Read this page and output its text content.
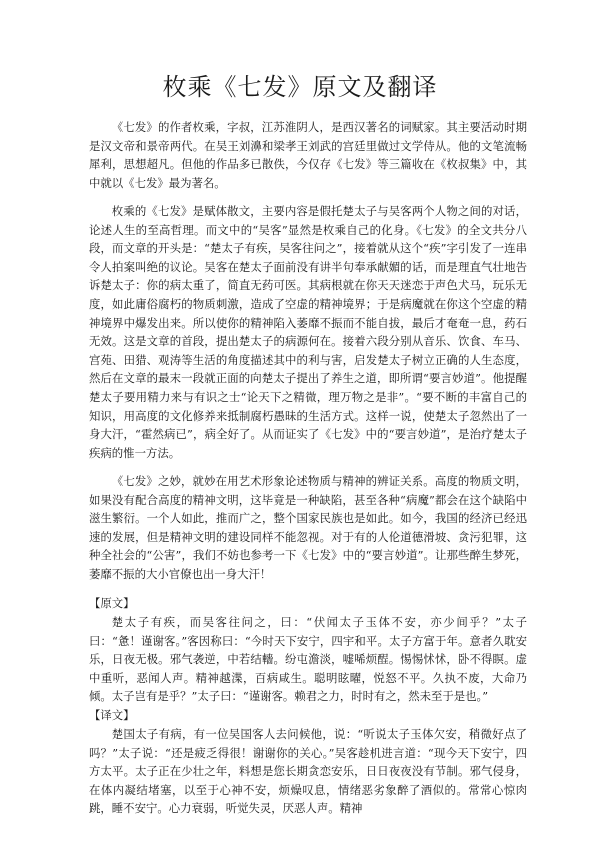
枚乘《七发》原文及翻译

《七发》的作者枚乘，字叔，江苏淮阴人，是西汉著名的词赋家。其主要活动时期是汉文帝和景帝两代。在吴王刘濞和梁孝王刘武的宫廷里做过文学侍从。他的文笔流畅犀利，思想超凡。但他的作品多已散佚，今仅存《七发》等三篇收在《枚叔集》中，其中就以《七发》最为著名。

枚乘的《七发》是赋体散文，主要内容是假托楚太子与吴客两个人物之间的对话，论述人生的至高哲理。而文中的“吴客”显然是枚乘自己的化身。《七发》的全文共分八段，而文章的开头是：“楚太子有疾，吴客往问之”，接着就从这个“疾”字引发了一连串令人拍案叫绝的议论。吴客在楚太子面前没有讲半句奉承献媚的话，而是理直气壮地告诉楚太子：你的病太重了，简直无药可医。其病根就在你天天迷恋于声色犬马，玩乐无度，如此庸俗腐朽的物质刺激，造成了空虚的精神境界；于是病魔就在你这个空虚的精神境界中爆发出来。所以使你的精神陷入萎靡不振而不能自拔，最后才奄奄一息，药石无效。这是文章的首段，提出楚太子的病源何在。接着六段分别从音乐、饮食、车马、宫苑、田猎、观涛等生活的角度描述其中的利与害，启发楚太子树立正确的人生态度，然后在文章的最末一段就正面的向楚太子提出了养生之道，即所谓“要言妙道”。他提醒楚太子要用精力来与有识之士“论天下之精微，理万物之是非”。“要不断的丰富自己的知识，用高度的文化修养来抵制腐朽愚昧的生活方式。这样一说，使楚太子忽然出了一身大汗，“霍然病已”，病全好了。从而证实了《七发》中的“要言妙道”，是治疗楚太子疾病的惟一方法。

《七发》之妙，就妙在用艺术形象论述物质与精神的辨证关系。高度的物质文明，如果没有配合高度的精神文明，这毕竟是一种缺陷，甚至各种“病魔”都会在这个缺陷中滋生繁衍。一个人如此，推而广之，整个国家民族也是如此。如今，我国的经济已经迅速的发展，但是精神文明的建设同样不能忽视。对于有的人伦道德滑坡、贪污犯罪，这种全社会的“公害”，我们不妨也参考一下《七发》中的“要言妙道”。让那些醉生梦死，萎靡不振的大小官僚也出一身大汗！

【原文】

楚太子有疾，而吴客往问之，曰：“伏闻太子玉体不安，亦少间乎？”太子曰：“惫！谨谢客。”客因称曰：“今时天下安宁，四宇和平。太子方富于年。意者久耽安乐，日夜无极。邪气袭逆，中若结轖。纷屯澹淡，嘘唏烦酲。惕惕怵怵，卧不得瞑。虚中重听，恶闻人声。精神越渫，百病咸生。聪明眩曜，悦怒不平。久执不废，大命乃倾。太子岂有是乎？”太子曰：“谨谢客。赖君之力，时时有之，然未至于是也。”

【译文】

楚国太子有病，有一位吴国客人去问候他，说：“听说太子玉体欠安，稍微好点了吗？”太子说：“还是疲乏得很！谢谢你的关心。”吴客趁机进言道：“现今天下安宁，四方太平。太子正在少壮之年，料想是您长期贪恋安乐，日日夜夜没有节制。邪气侵身，在体内凝结堵塞，以至于心神不安，烦燥叹息，情绪恶劣象醉了酒似的。常常心惊肉跳，睡不安宁。心力衰弱，听觉失灵，厌恶人声。精神
